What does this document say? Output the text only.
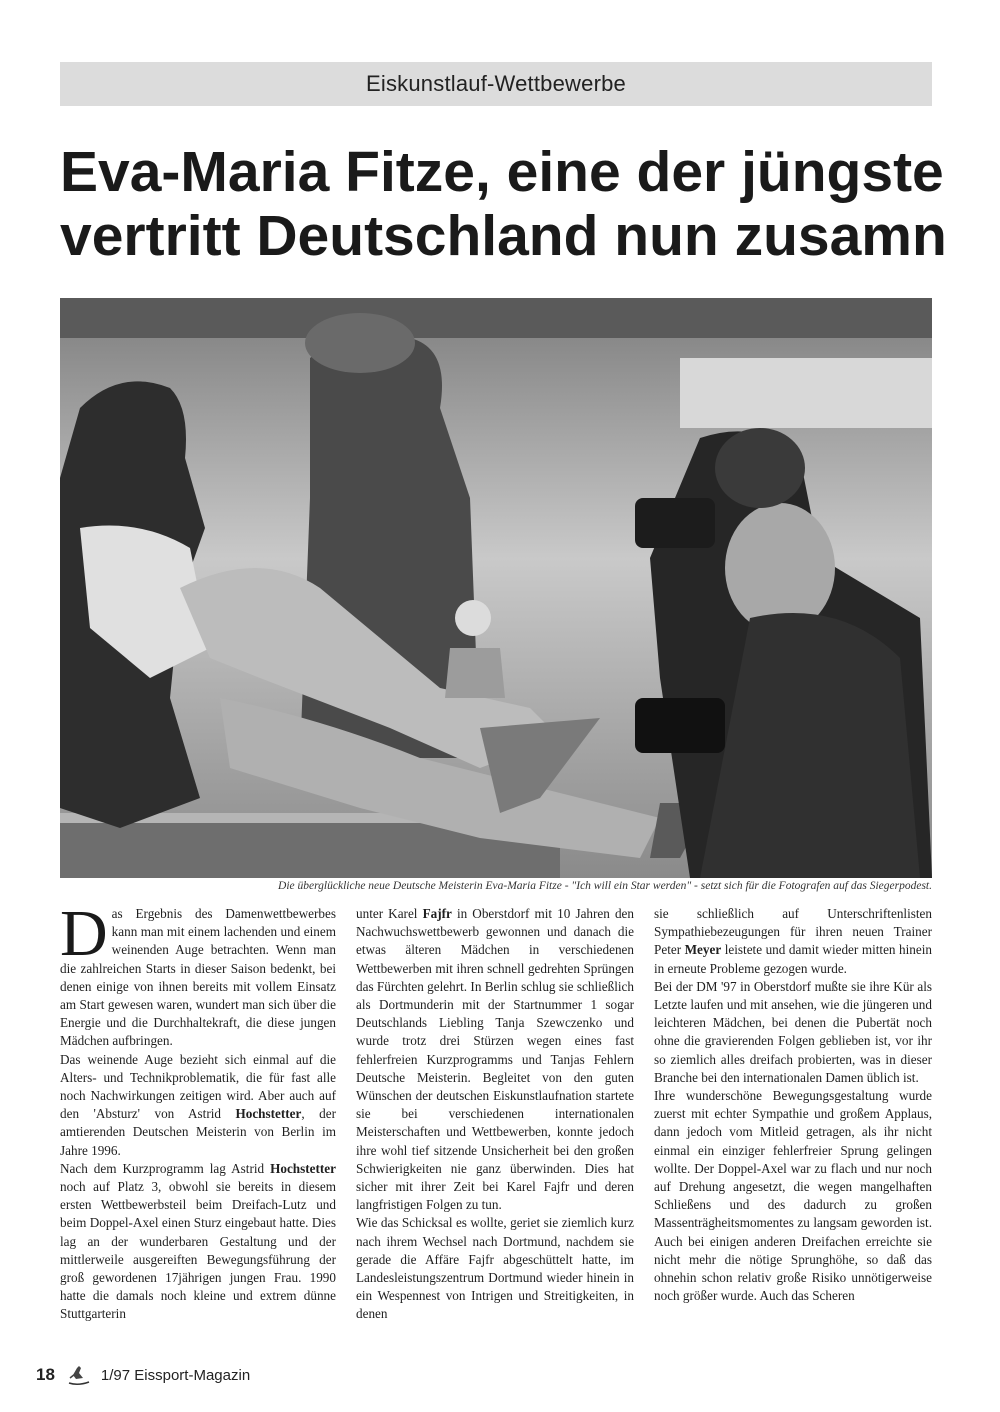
Eiskunstlauf-Wettbewerbe
Eva-Maria Fitze, eine der jüngste
vertritt Deutschland nun zusamn
Die überglückliche neue Deutsche Meisterin Eva-Maria Fitze - "Ich will ein Star werden" - setzt sich für die Fotografen auf das Siegerpodest.

Das Ergebnis des Damenwettbewerbes kann man mit einem lachenden und einem weinenden Auge betrachten. Wenn man die zahlreichen Starts in dieser Saison bedenkt, bei denen einige von ihnen bereits mit vollem Einsatz am Start gewesen waren, wundert man sich über die Energie und die Durchhaltekraft, die diese jungen Mädchen aufbringen.

Das weinende Auge bezieht sich einmal auf die Alters- und Technikproblematik, die für fast alle noch Nachwirkungen zeitigen wird. Aber auch auf den 'Absturz' von Astrid Hochstetter, der amtierenden Deutschen Meisterin von Berlin im Jahre 1996.

Nach dem Kurzprogramm lag Astrid Hochstetter noch auf Platz 3, obwohl sie bereits in diesem ersten Wettbewerbsteil beim Dreifach-Lutz und beim Doppel-Axel einen Sturz eingebaut hatte. Dies lag an der wunderbaren Gestaltung und der mittlerweile ausgereiften Bewegungsführung der groß gewordenen 17jährigen jungen Frau. 1990 hatte die damals noch kleine und extrem dünne Stuttgarterin

unter Karel Fajfr in Oberstdorf mit 10 Jahren den Nachwuchswettbewerb gewonnen und danach die etwas älteren Mädchen in verschiedenen Wettbewerben mit ihren schnell gedrehten Sprüngen das Fürchten gelehrt. In Berlin schlug sie schließlich als Dortmunderin mit der Startnummer 1 sogar Deutschlands Liebling Tanja Szewczenko und wurde trotz drei Stürzen wegen eines fast fehlerfreien Kurzprogramms und Tanjas Fehlern Deutsche Meisterin. Begleitet von den guten Wünschen der deutschen Eiskunstlaufnation startete sie bei verschiedenen internationalen Meisterschaften und Wettbewerben, konnte jedoch ihre wohl tief sitzende Unsicherheit bei den großen Schwierigkeiten nie ganz überwinden. Dies hat sicher mit ihrer Zeit bei Karel Fajfr und deren langfristigen Folgen zu tun.

Wie das Schicksal es wollte, geriet sie ziemlich kurz nach ihrem Wechsel nach Dortmund, nachdem sie gerade die Affäre Fajfr abgeschüttelt hatte, im Landesleistungszentrum Dortmund wieder hinein in ein Wespennest von Intrigen und Streitigkeiten, in denen

sie schließlich auf Unterschriftenlisten Sympathiebezeugungen für ihren neuen Trainer Peter Meyer leistete und damit wieder mitten hinein in erneute Probleme gezogen wurde.

Bei der DM '97 in Oberstdorf mußte sie ihre Kür als Letzte laufen und mit ansehen, wie die jüngeren und leichteren Mädchen, bei denen die Pubertät noch ohne die gravierenden Folgen geblieben ist, vor ihr so ziemlich alles dreifach probierten, was in dieser Branche bei den internationalen Damen üblich ist.

Ihre wunderschöne Bewegungsgestaltung wurde zuerst mit echter Sympathie und großem Applaus, dann jedoch vom Mitleid getragen, als ihr nicht einmal ein einziger fehlerfreier Sprung gelingen wollte. Der Doppel-Axel war zu flach und nur noch auf Drehung angesetzt, die wegen mangelhaften Schließens und des dadurch zu großen Massenträgheitsmomentes zu langsam geworden ist. Auch bei einigen anderen Dreifachen erreichte sie nicht mehr die nötige Sprunghöhe, so daß das ohnehin schon relativ große Risiko unnötigerweise noch größer wurde. Auch das Scheren

18	1/97 Eissport-Magazin
